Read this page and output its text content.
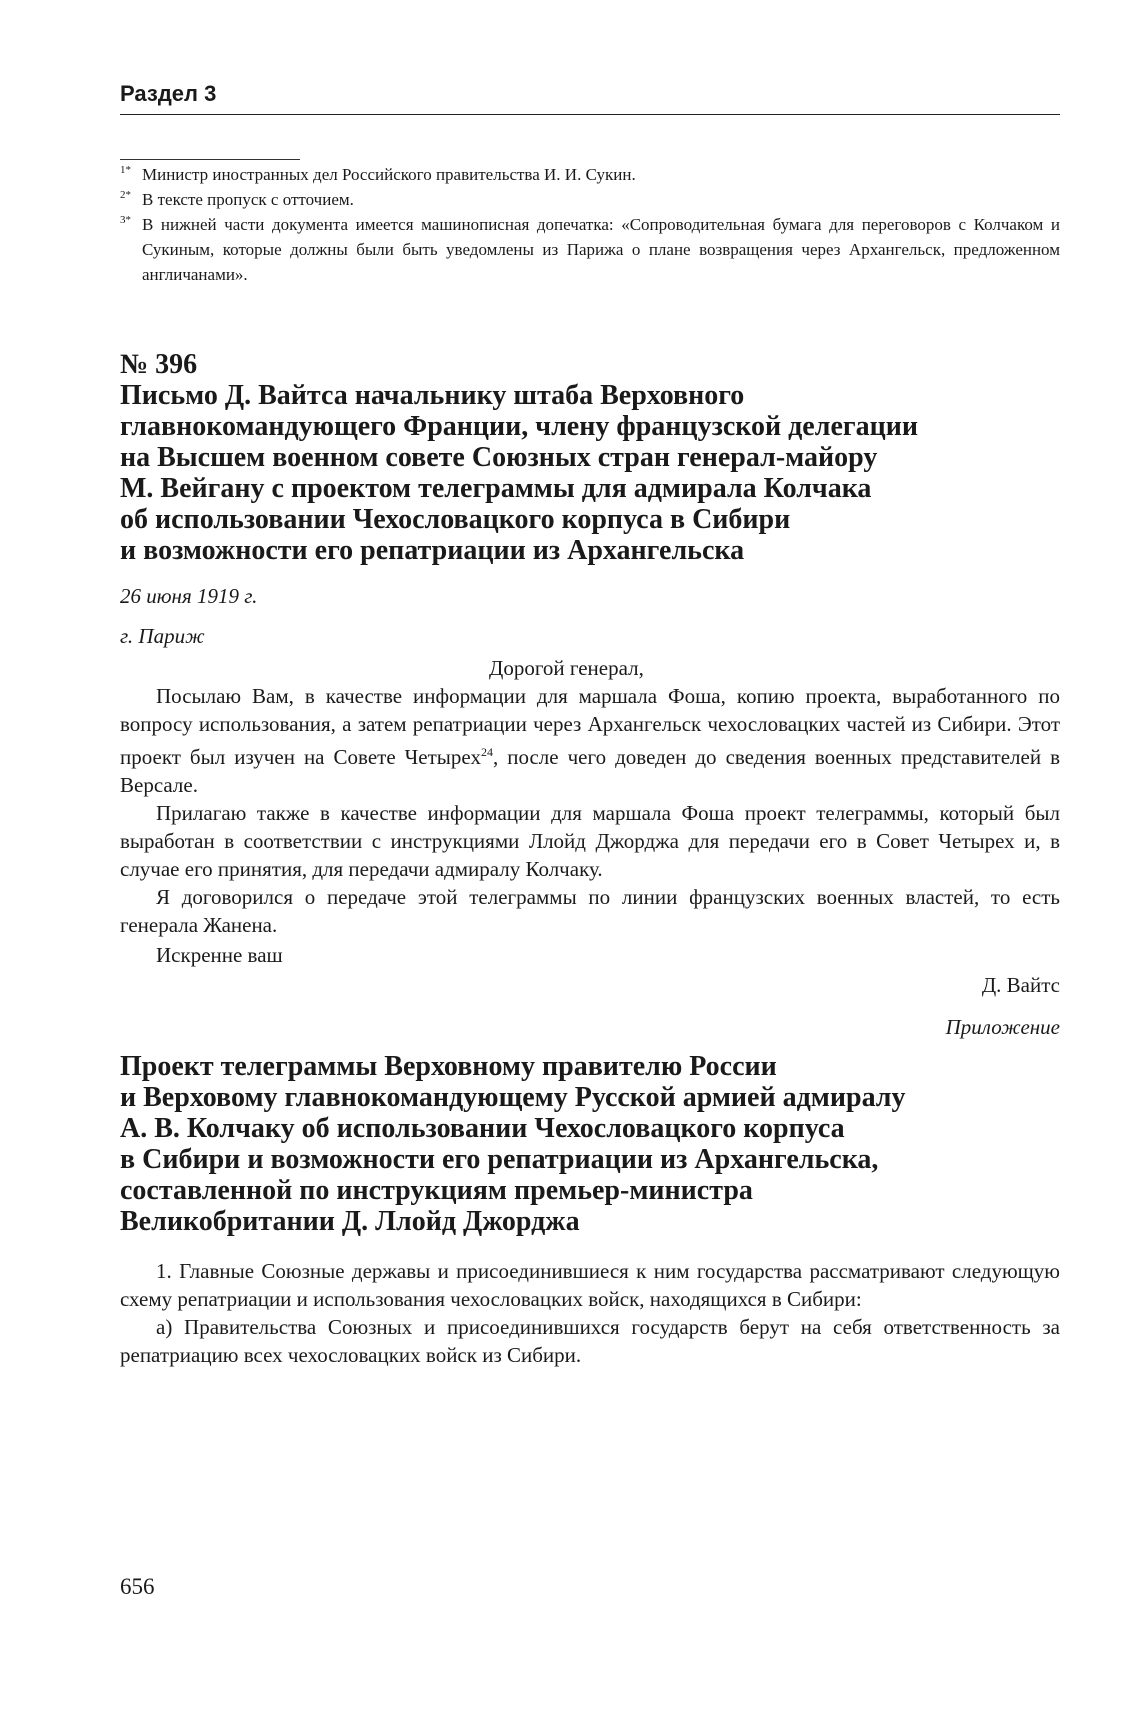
Раздел 3
1* Министр иностранных дел Российского правительства И. И. Сукин.
2* В тексте пропуск с отточием.
3* В нижней части документа имеется машинописная допечатка: «Сопроводительная бумага для переговоров с Колчаком и Сукиным, которые должны были быть уведомлены из Парижа о плане возвращения через Архангельск, предложенном англичанами».
№ 396
Письмо Д. Вайтса начальнику штаба Верховного
главнокомандующего Франции, члену французской делегации
на Высшем военном совете Союзных стран генерал-майору
М. Вейгану с проектом телеграммы для адмирала Колчака
об использовании Чехословацкого корпуса в Сибири
и возможности его репатриации из Архангельска
26 июня 1919 г.
г. Париж
Дорогой генерал,

Посылаю Вам, в качестве информации для маршала Фоша, копию проекта, выработанного по вопросу использования, а затем репатриации через Архангельск чехословацких частей из Сибири. Этот проект был изучен на Совете Четырех$^{24}$, после чего доведен до сведения военных представителей в Версале.

Прилагаю также в качестве информации для маршала Фоша проект телеграммы, который был выработан в соответствии с инструкциями Ллойд Джорджа для передачи его в Совет Четырех и, в случае его принятия, для передачи адмиралу Колчаку.

Я договорился о передаче этой телеграммы по линии французских военных властей, то есть генерала Жанена.

Искренне ваш
Д. Вайтс
Приложение
Проект телеграммы Верховному правителю России
и Верховому главнокомандующему Русской армией адмиралу
А. В. Колчаку об использовании Чехословацкого корпуса
в Сибири и возможности его репатриации из Архангельска,
составленной по инструкциям премьер-министра
Великобритании Д. Ллойд Джорджа

1. Главные Союзные державы и присоединившиеся к ним государства рассматривают следующую схему репатриации и использования чехословацких войск, находящихся в Сибири:

а) Правительства Союзных и присоединившихся государств берут на себя ответственность за репатриацию всех чехословацких войск из Сибири.

656
